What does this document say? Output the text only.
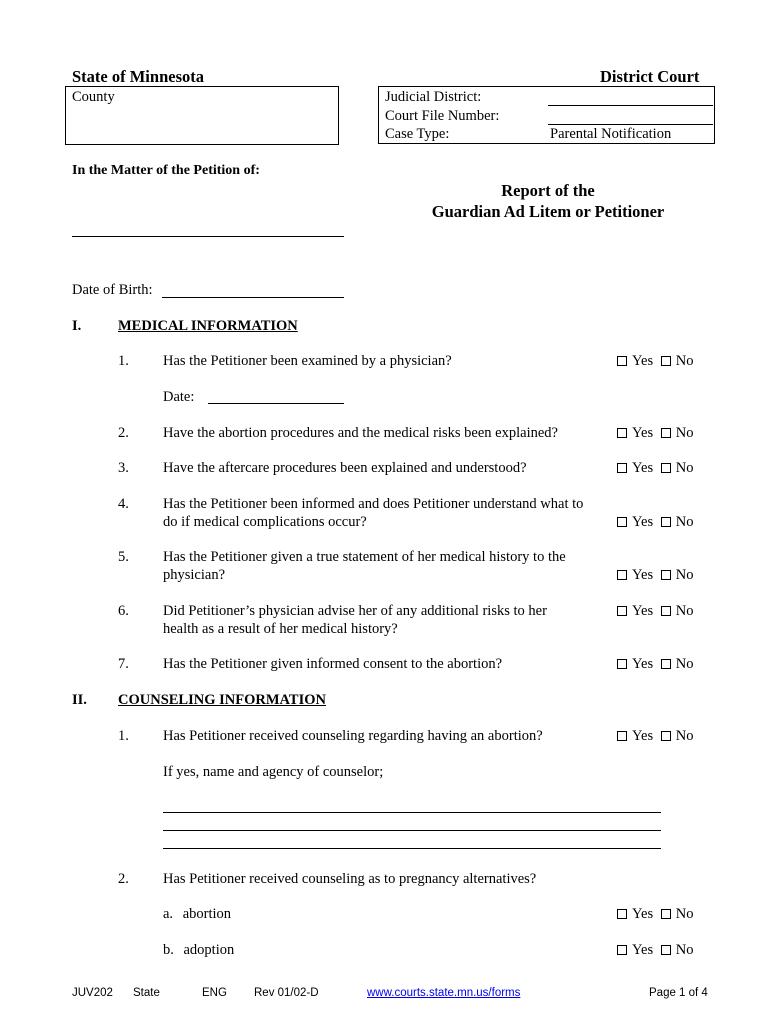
State of Minnesota	District Court
County	Judicial District:
Court File Number:
Case Type:	Parental Notification
In the Matter of the Petition of:
Report of the
Guardian Ad Litem or Petitioner
Date of Birth:
I.	MEDICAL INFORMATION
1. Has the Petitioner been examined by a physician?	Yes No
Date:
2. Have the abortion procedures and the medical risks been explained?	Yes No
3. Have the aftercare procedures been explained and understood?	Yes No
4. Has the Petitioner been informed and does Petitioner understand what to
do if medical complications occur?	Yes No
5. Has the Petitioner given a true statement of her medical history to the
physician?	Yes No
6. Did Petitioner’s physician advise her of any additional risks to her
health as a result of her medical history?
Yes No
7. Has the Petitioner given informed consent to the abortion?	Yes No
II. COUNSELING INFORMATION
1. Has Petitioner received counseling regarding having an abortion?	Yes No
If yes, name and agency of counselor;
2. Has Petitioner received counseling as to pregnancy alternatives?
a. abortion	Yes No
b. adoption	Yes No
JUV202 State	ENG Rev 01/02-D	www.courts.state.mn.us/forms	Page 1 of 4
